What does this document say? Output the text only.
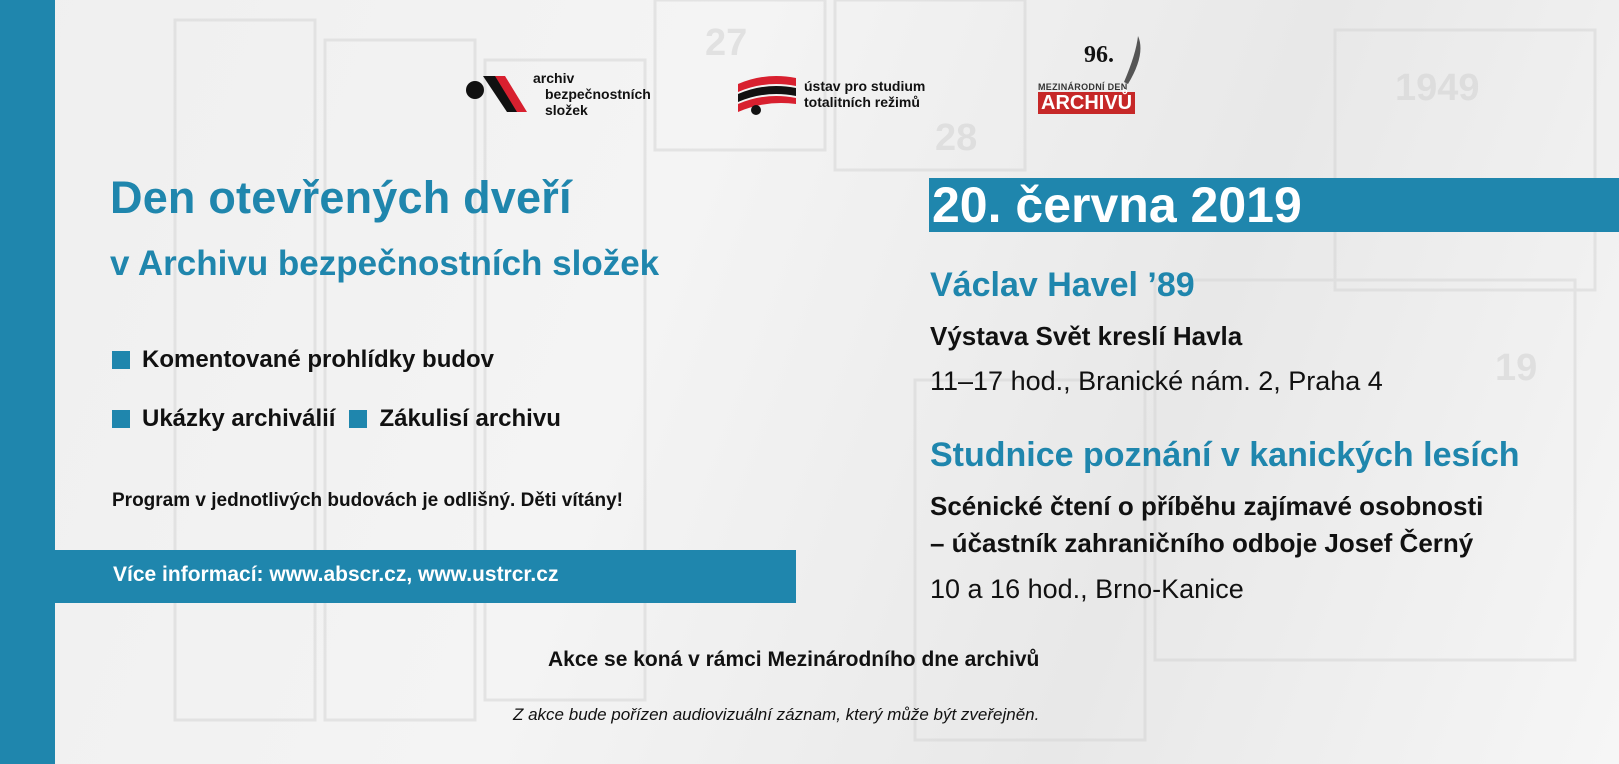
27
28
1949
19
archiv
bezpečnostních
složek
ústav pro studium
totalitních režimů
96.
MEZINÁRODNÍ DEN
ARCHIVŮ
Den otevřených dveří
v Archivu bezpečnostních složek
Komentované prohlídky budov
Ukázky archiválií Zákulisí archivu
Program v jednotlivých budovách je odlišný. Děti vítány!
Více informací: www.abscr.cz, www.ustrcr.cz
20. června 2019
Václav Havel ’89
Výstava Svět kreslí Havla
11–17 hod., Branické nám. 2, Praha 4
Studnice poznání v kanických lesích
Scénické čtení o příběhu zajímavé osobnosti
– účastník zahraničního odboje Josef Černý
10 a 16 hod., Brno-Kanice
Akce se koná v rámci Mezinárodního dne archivů
Z akce bude pořízen audiovizuální záznam, který může být zveřejněn.
